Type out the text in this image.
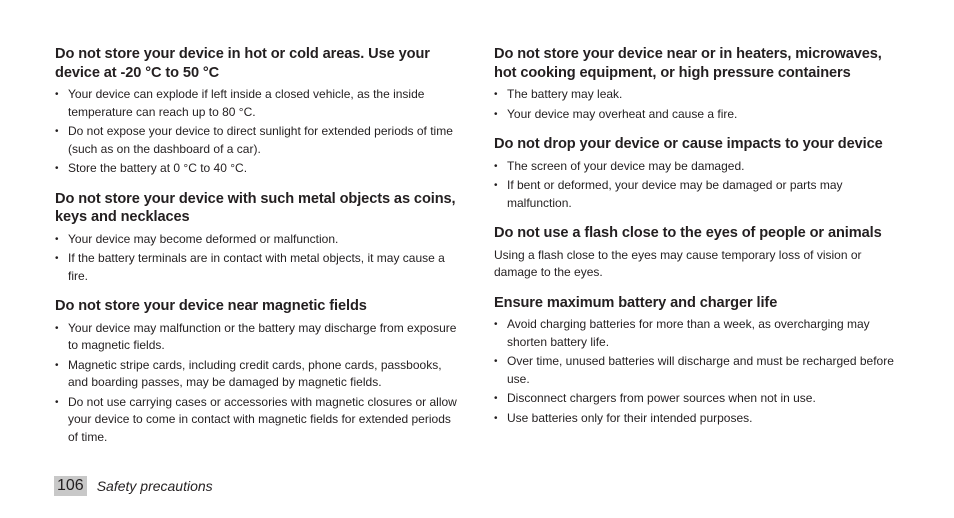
Do not store your device in hot or cold areas. Use your device at -20 °C to 50 °C
• Your device can explode if left inside a closed vehicle, as the inside temperature can reach up to 80 °C.
• Do not expose your device to direct sunlight for extended periods of time (such as on the dashboard of a car).
• Store the battery at 0 °C to 40 °C.
Do not store your device with such metal objects as coins, keys and necklaces
• Your device may become deformed or malfunction.
• If the battery terminals are in contact with metal objects, it may cause a fire.
Do not store your device near magnetic fields
• Your device may malfunction or the battery may discharge from exposure to magnetic fields.
• Magnetic stripe cards, including credit cards, phone cards, passbooks, and boarding passes, may be damaged by magnetic fields.
• Do not use carrying cases or accessories with magnetic closures or allow your device to come in contact with magnetic fields for extended periods of time.
Do not store your device near or in heaters, microwaves, hot cooking equipment, or high pressure containers
• The battery may leak.
• Your device may overheat and cause a fire.
Do not drop your device or cause impacts to your device
• The screen of your device may be damaged.
• If bent or deformed, your device may be damaged or parts may malfunction.
Do not use a flash close to the eyes of people or animals

Using a flash close to the eyes may cause temporary loss of vision or damage to the eyes.

Ensure maximum battery and charger life
• Avoid charging batteries for more than a week, as overcharging may shorten battery life.
• Over time, unused batteries will discharge and must be recharged before use.
• Disconnect chargers from power sources when not in use.
• Use batteries only for their intended purposes.
106 Safety precautions
